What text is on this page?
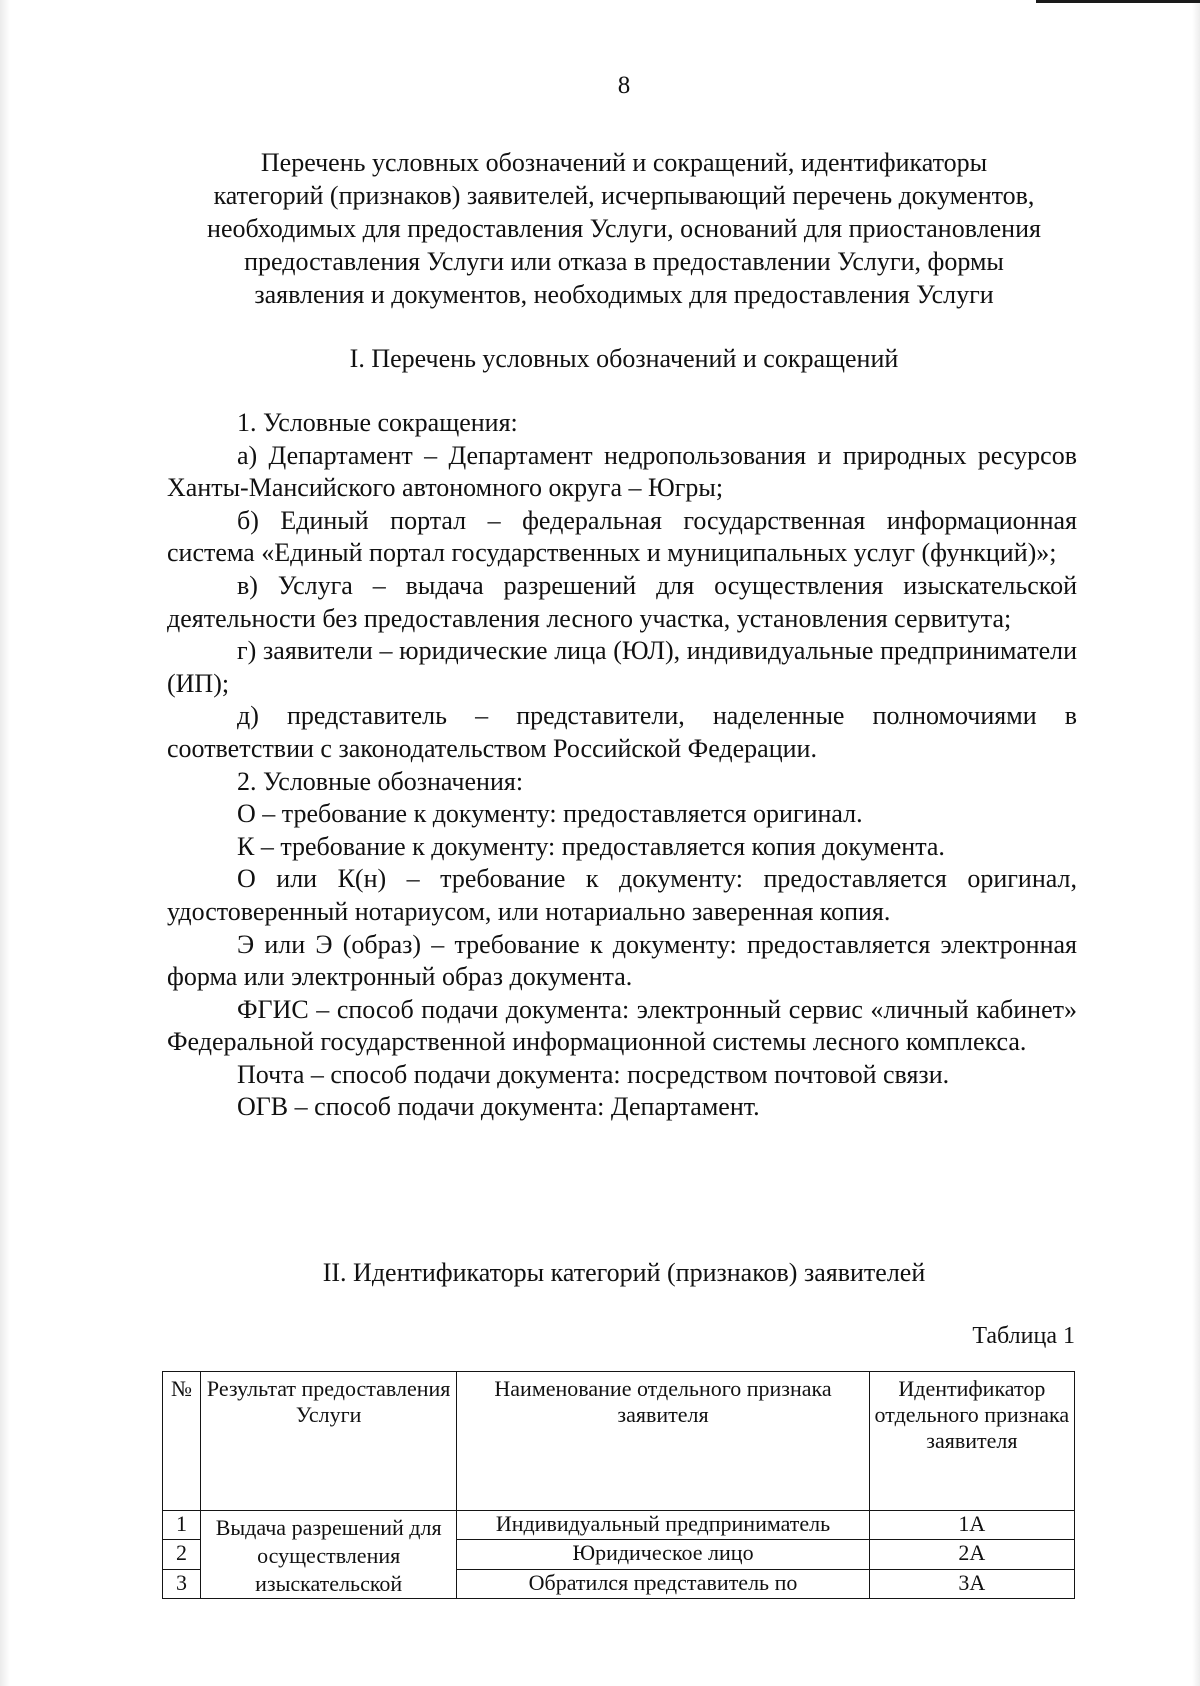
8
Перечень условных обозначений и сокращений, идентификаторы
категорий (признаков) заявителей, исчерпывающий перечень документов,
необходимых для предоставления Услуги, оснований для приостановления
предоставления Услуги или отказа в предоставлении Услуги, формы
заявления и документов, необходимых для предоставления Услуги
I. Перечень условных обозначений и сокращений

1. Условные сокращения:

а) Департамент – Департамент недропользования и природных ресурсов Ханты-Мансийского автономного округа – Югры;

б) Единый портал – федеральная государственная информационная система «Единый портал государственных и муниципальных услуг (функций)»;

в) Услуга – выдача разрешений для осуществления изыскательской деятельности без предоставления лесного участка, установления сервитута;

г) заявители – юридические лица (ЮЛ), индивидуальные предприниматели (ИП);

д) представитель – представители, наделенные полномочиями в соответствии с законодательством Российской Федерации.

2. Условные обозначения:

О – требование к документу: предоставляется оригинал.

К – требование к документу: предоставляется копия документа.

О или К(н) – требование к документу: предоставляется оригинал, удостоверенный нотариусом, или нотариально заверенная копия.

Э или Э (образ) – требование к документу: предоставляется электронная форма или электронный образ документа.

ФГИС – способ подачи документа: электронный сервис «личный кабинет» Федеральной государственной информационной системы лесного комплекса.

Почта – способ подачи документа: посредством почтовой связи.

ОГВ – способ подачи документа: Департамент.

II. Идентификаторы категорий (признаков) заявителей
Таблица 1
№	Результат предоставления Услуги	Наименование отдельного признака заявителя	Идентификатор отдельного признака заявителя
1	Выдача разрешений для осуществления изыскательской	Индивидуальный предприниматель	1А
2		Юридическое лицо	2А
3		Обратился представитель по	3А
